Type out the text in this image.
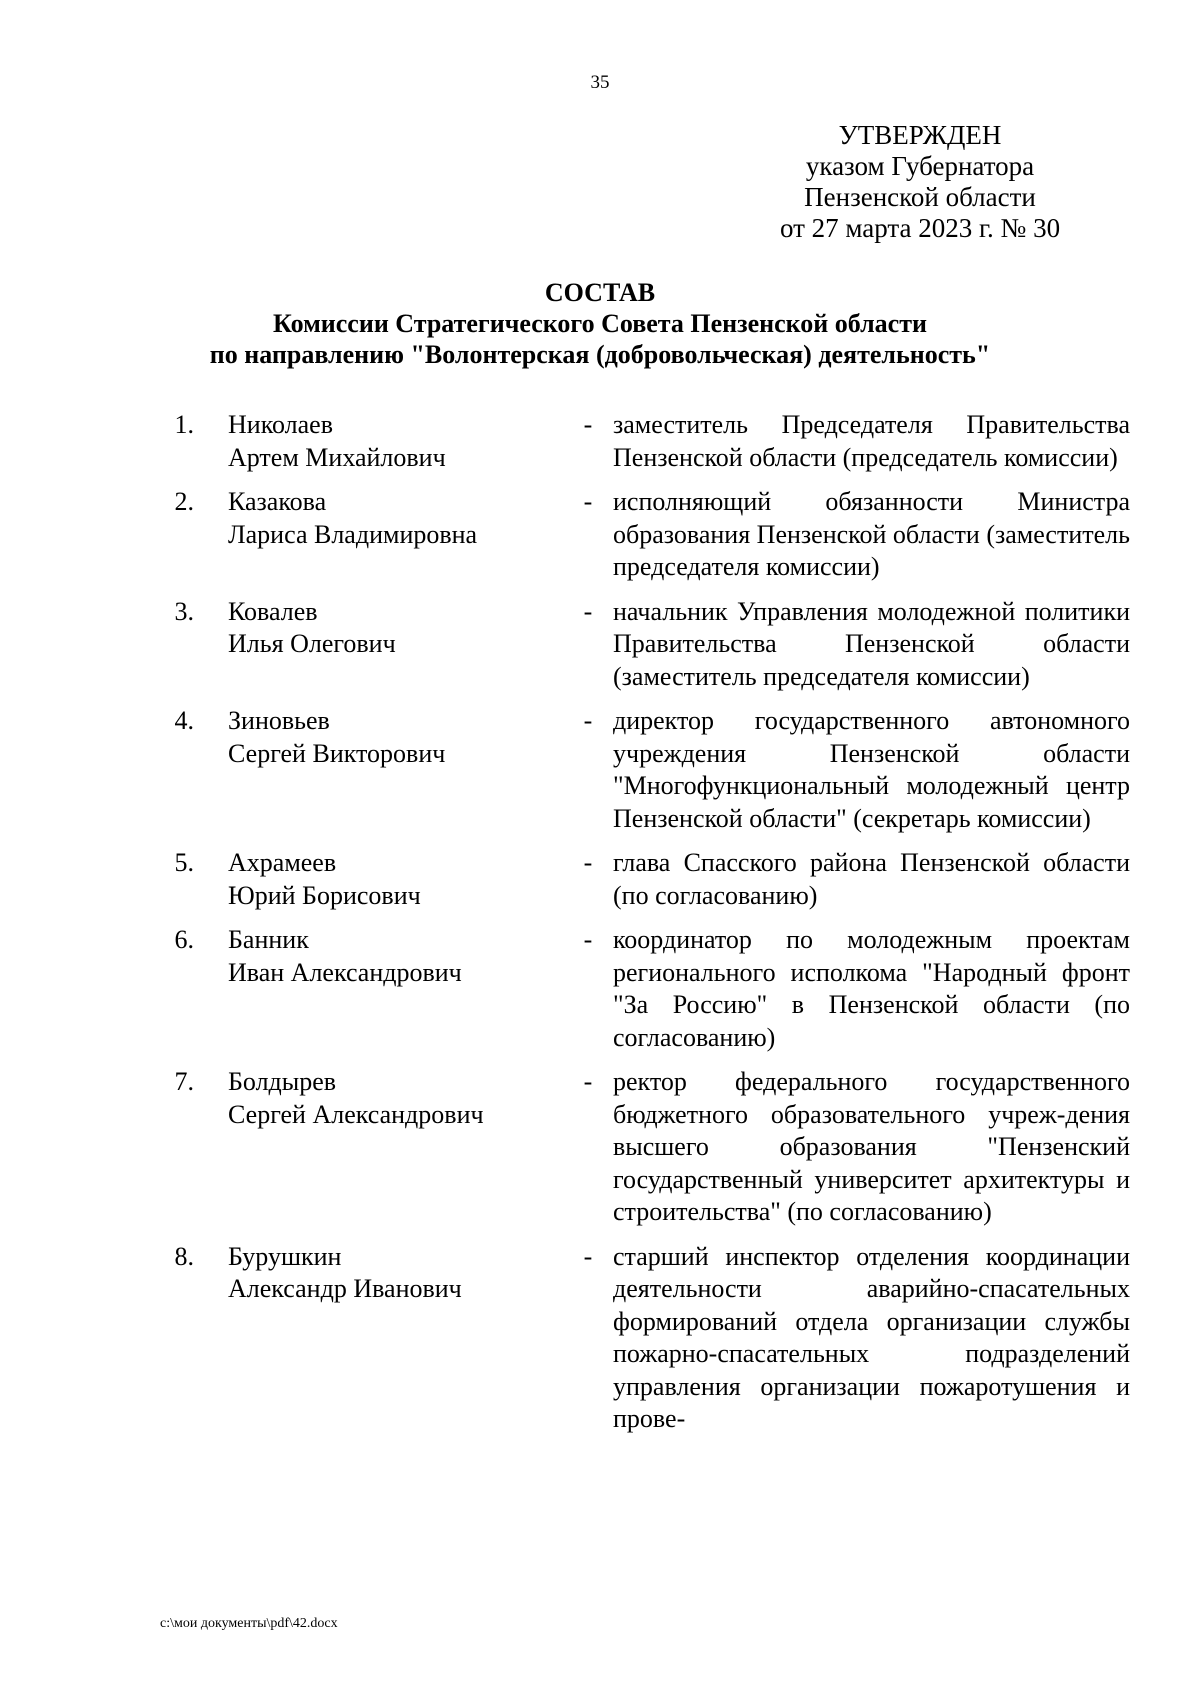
35
УТВЕРЖДЕН
указом Губернатора
Пензенской области
от 27 марта 2023 г. № 30
СОСТАВ
Комиссии Стратегического Совета Пензенской области
по направлению "Волонтерская (добровольческая) деятельность"
1. Николаев
Артем Михайлович
- заместитель Председателя Правительства Пензенской области (председатель комиссии)
2. Казакова
Лариса Владимировна
- исполняющий обязанности Министра образования Пензенской области (заместитель председателя комиссии)
3. Ковалев
Илья Олегович
- начальник Управления молодежной политики Правительства Пензенской области (заместитель председателя комиссии)
4. Зиновьев
Сергей Викторович
- директор государственного автономного учреждения Пензенской области "Многофункциональный молодежный центр Пензенской области" (секретарь комиссии)
5. Ахрамеев
Юрий Борисович
- глава Спасского района Пензенской области (по согласованию)
6. Банник
Иван Александрович
- координатор по молодежным проектам регионального исполкома "Народный фронт "За Россию" в Пензенской области (по согласованию)
7. Болдырев
Сергей Александрович
- ректор федерального государственного бюджетного образовательного учреж-дения высшего образования "Пензенский государственный университет архитектуры и строительства" (по согласованию)
8. Бурушкин
Александр Иванович
- старший инспектор отделения координации деятельности аварийно-спасательных формирований отдела организации службы пожарно-спасательных подразделений управления организации пожаротушения и прове-
c:\мои документы\pdf\42.docx
